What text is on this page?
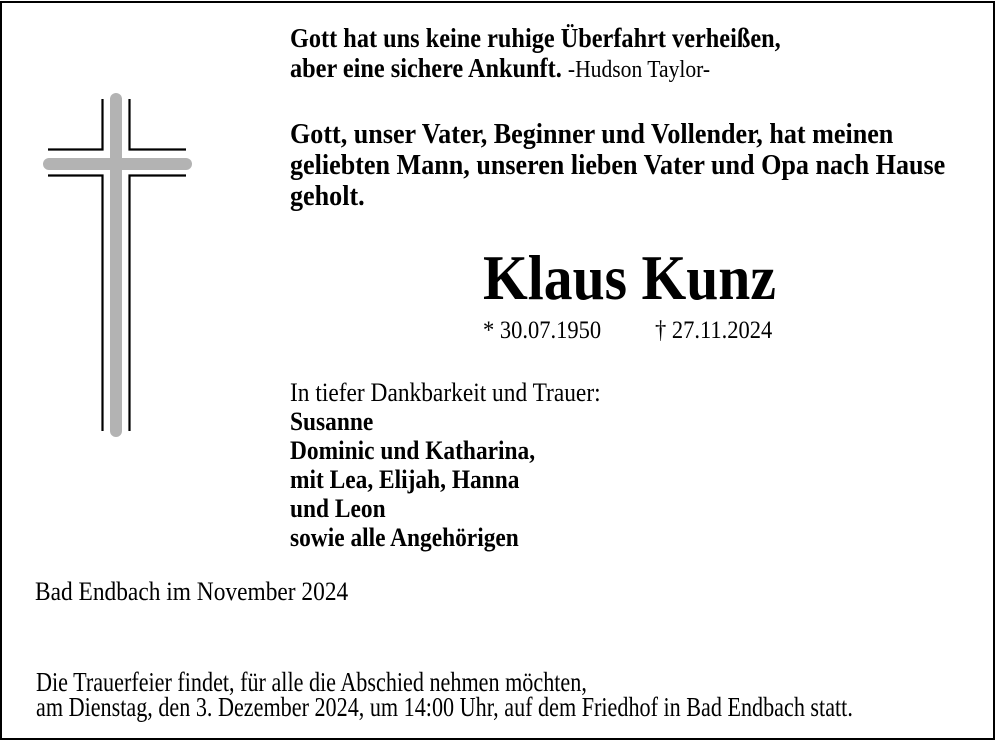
Gott hat uns keine ruhige Überfahrt verheißen,
aber eine sichere Ankunft. -Hudson Taylor-
Gott, unser Vater, Beginner und Vollender, hat meinen
geliebten Mann, unseren lieben Vater und Opa nach Hause
geholt.
Klaus Kunz
* 30.07.1950 † 27.11.2024
In tiefer Dankbarkeit und Trauer:
Susanne
Dominic und Katharina,
mit Lea, Elijah, Hanna
und Leon
sowie alle Angehörigen
Bad Endbach im November 2024
Die Trauerfeier findet, für alle die Abschied nehmen möchten,
am Dienstag, den 3. Dezember 2024, um 14:00 Uhr, auf dem Friedhof in Bad Endbach statt.
